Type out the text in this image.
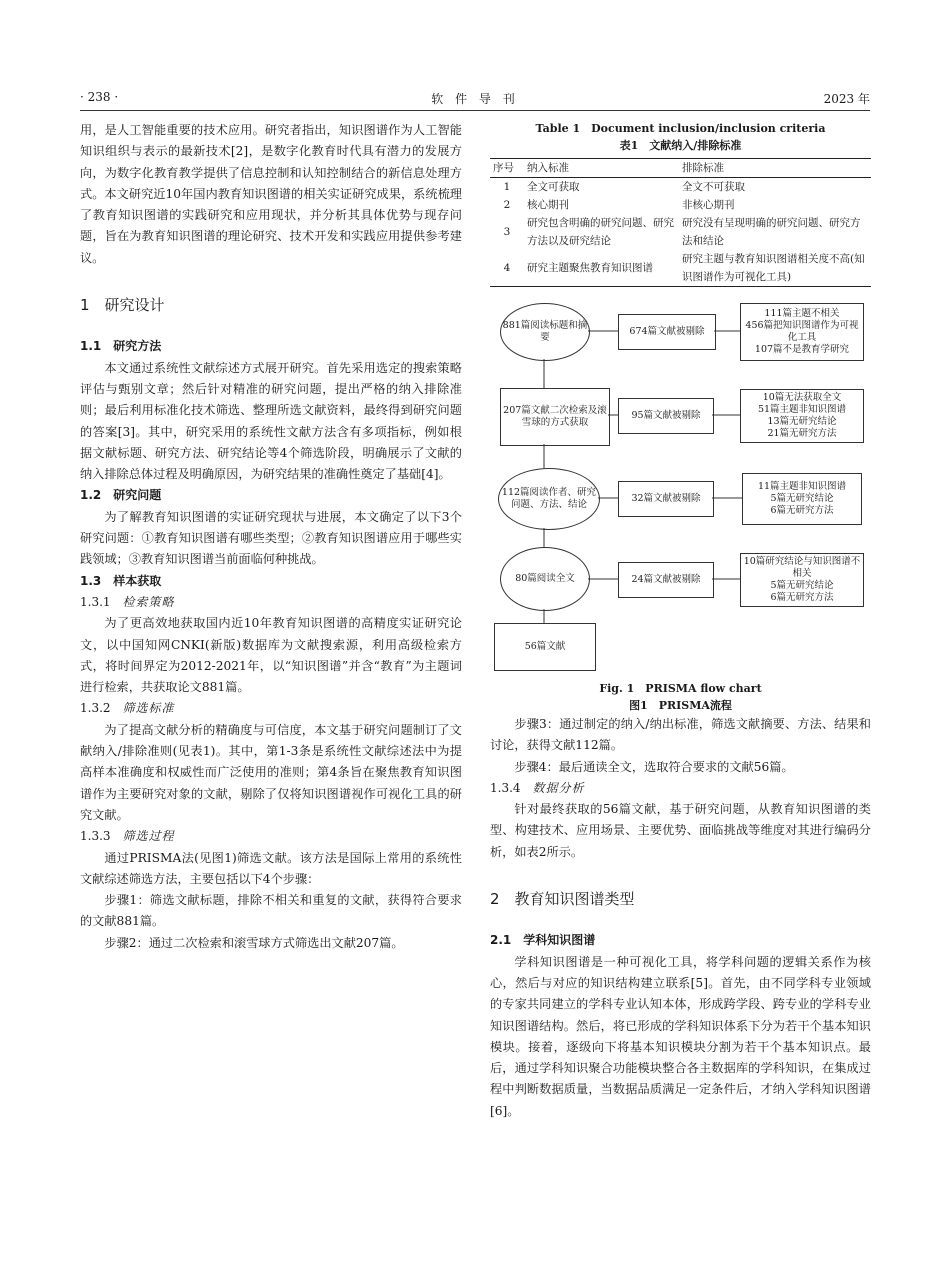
· 238 ·	软 件 导 刊	2023 年

用，是人工智能重要的技术应用。研究者指出，知识图谱作为人工智能知识组织与表示的最新技术[2]，是数字化教育时代具有潜力的发展方向，为数字化教育教学提供了信息控制和认知控制结合的新信息处理方式。本文研究近10年国内教育知识图谱的相关实证研究成果，系统梳理了教育知识图谱的实践研究和应用现状，并分析其具体优势与现存问题，旨在为教育知识图谱的理论研究、技术开发和实践应用提供参考建议。

1　研究设计
1.1　研究方法

本文通过系统性文献综述方式展开研究。首先采用选定的搜索策略评估与甄别文章；然后针对精准的研究问题，提出严格的纳入排除准则；最后利用标准化技术筛选、整理所选文献资料，最终得到研究问题的答案[3]。其中，研究采用的系统性文献方法含有多项指标，例如根据文献标题、研究方法、研究结论等4个筛选阶段，明确展示了文献的纳入排除总体过程及明确原因，为研究结果的准确性奠定了基础[4]。

1.2　研究问题

为了解教育知识图谱的实证研究现状与进展，本文确定了以下3个研究问题：①教育知识图谱有哪些类型；②教育知识图谱应用于哪些实践领域；③教育知识图谱当前面临何种挑战。

1.3　样本获取
1.3.1 检索策略

为了更高效地获取国内近10年教育知识图谱的高精度实证研究论文，以中国知网CNKI(新版)数据库为文献搜索源，利用高级检索方式，将时间界定为2012-2021年，以“知识图谱”并含“教育”为主题词进行检索，共获取论文881篇。

1.3.2 筛选标准

为了提高文献分析的精确度与可信度，本文基于研究问题制订了文献纳入/排除准则(见表1)。其中，第1-3条是系统性文献综述法中为提高样本准确度和权威性而广泛使用的准则；第4条旨在聚焦教育知识图谱作为主要研究对象的文献，剔除了仅将知识图谱视作可视化工具的研究文献。

1.3.3 筛选过程

通过PRISMA法(见图1)筛选文献。该方法是国际上常用的系统性文献综述筛选方法，主要包括以下4个步骤：

步骤1：筛选文献标题，排除不相关和重复的文献，获得符合要求的文献881篇。

步骤2：通过二次检索和滚雪球方式筛选出文献207篇。

Table 1　Document inclusion/inclusion criteria

表1　文献纳入/排除标准

序号	纳入标准	排除标准
1	全文可获取	全文不可获取
2	核心期刊	非核心期刊
3	研究包含明确的研究问题、研究方法以及研究结论	研究没有呈现明确的研究问题、研究方法和结论
4	研究主题聚焦教育知识图谱	研究主题与教育知识图谱相关度不高(知识图谱作为可视化工具)
881篇阅读标题和摘要
207篇文献二次检索及滚雪球的方式获取
112篇阅读作者、研究问题、方法、结论
80篇阅读全文
56篇文献
674篇文献被剔除
95篇文献被剔除
32篇文献被剔除
24篇文献被剔除
111篇主题不相关
456篇把知识图谱作为可视化工具
107篇不是教育学研究
10篇无法获取全文
51篇主题非知识图谱
13篇无研究结论
21篇无研究方法
11篇主题非知识图谱
5篇无研究结论
6篇无研究方法
10篇研究结论与知识图谱不相关
5篇无研究结论
6篇无研究方法

Fig. 1　PRISMA flow chart

图1　PRISMA流程

步骤3：通过制定的纳入/纳出标准，筛选文献摘要、方法、结果和讨论，获得文献112篇。

步骤4：最后通读全文，选取符合要求的文献56篇。

1.3.4 数据分析

针对最终获取的56篇文献，基于研究问题，从教育知识图谱的类型、构建技术、应用场景、主要优势、面临挑战等维度对其进行编码分析，如表2所示。

2　教育知识图谱类型
2.1　学科知识图谱

学科知识图谱是一种可视化工具，将学科问题的逻辑关系作为核心，然后与对应的知识结构建立联系[5]。首先，由不同学科专业领域的专家共同建立的学科专业认知本体，形成跨学段、跨专业的学科专业知识图谱结构。然后，将已形成的学科知识体系下分为若干个基本知识模块。接着，逐级向下将基本知识模块分割为若干个基本知识点。最后，通过学科知识聚合功能模块整合各主数据库的学科知识，在集成过程中判断数据质量，当数据品质满足一定条件后，才纳入学科知识图谱[6]。
